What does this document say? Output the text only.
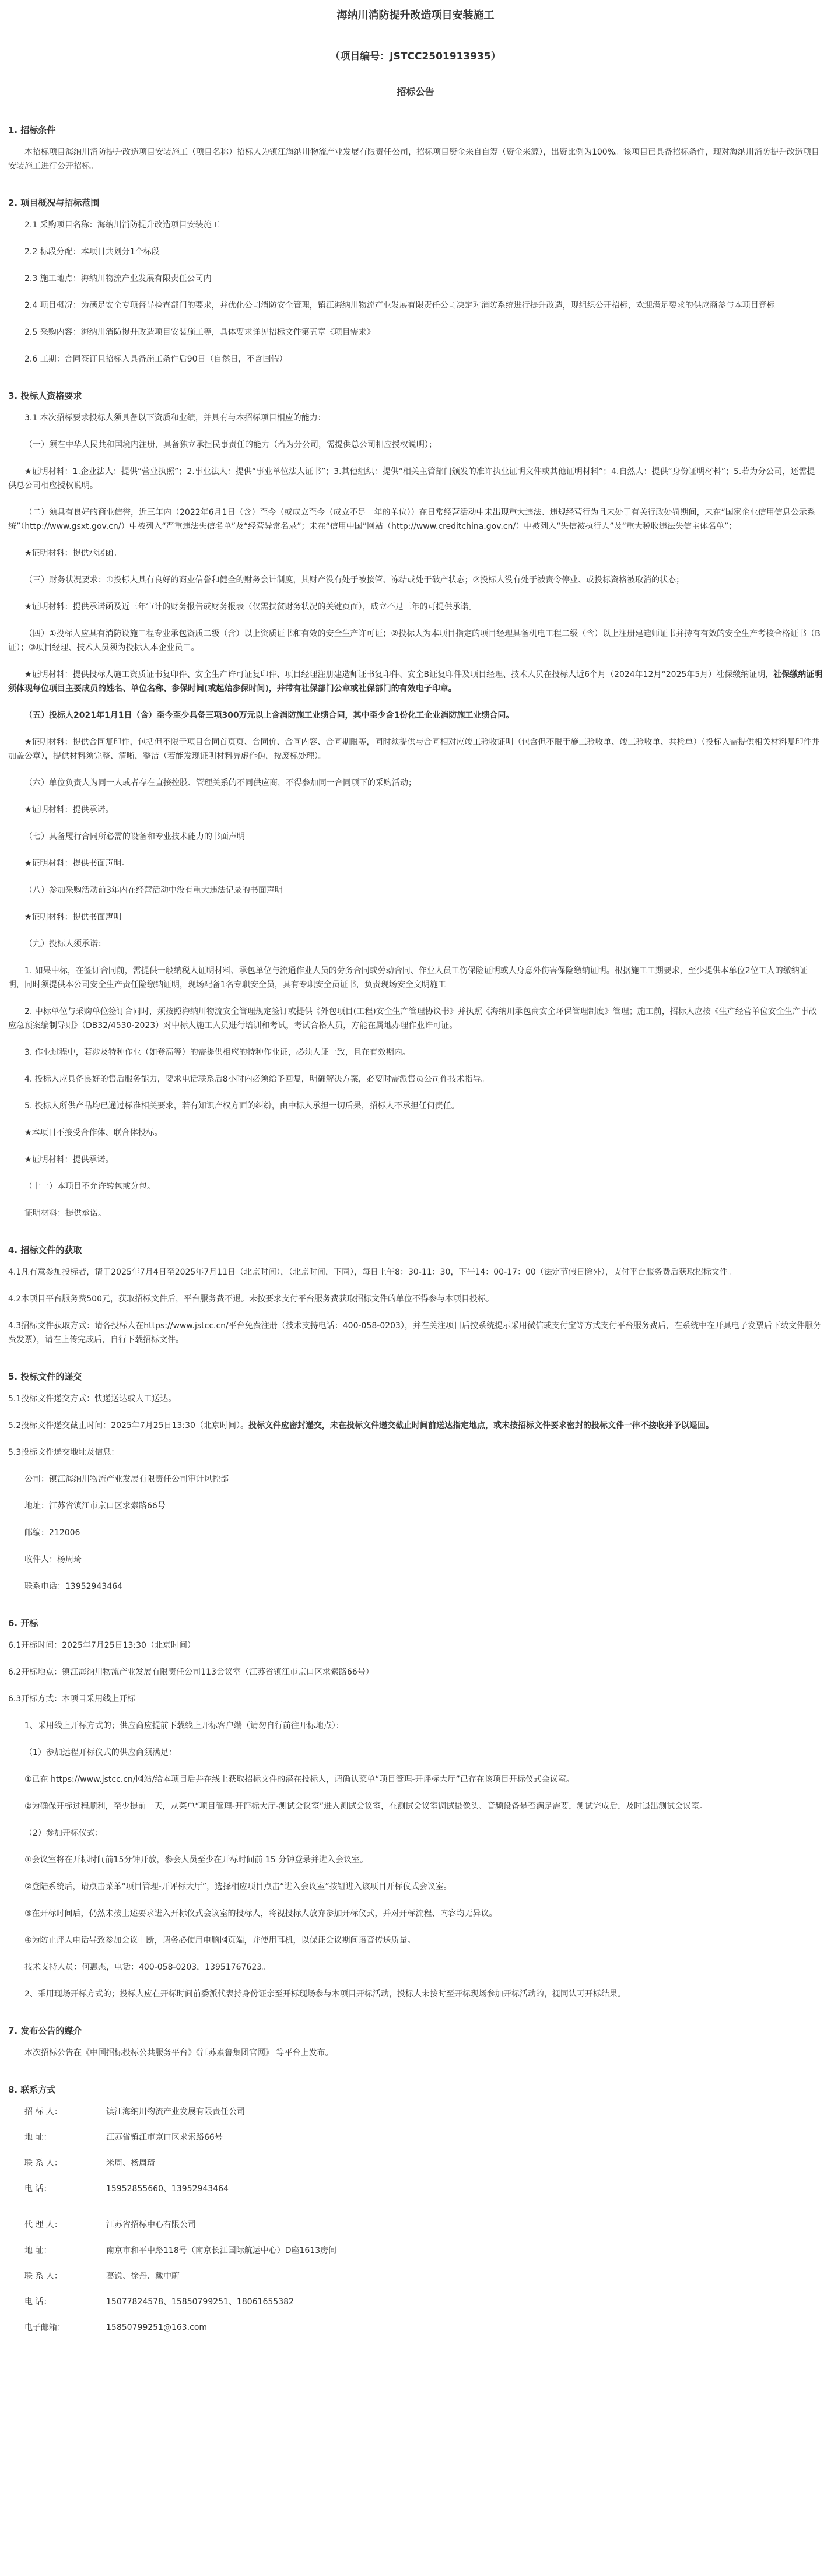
海纳川消防提升改造项目安装施工
（项目编号：JSTCC2501913935）
招标公告
1. 招标条件

本招标项目海纳川消防提升改造项目安装施工（项目名称）招标人为镇江海纳川物流产业发展有限责任公司，招标项目资金来自自筹（资金来源），出资比例为100%。该项目已具备招标条件，现对海纳川消防提升改造项目安装施工进行公开招标。

2. 项目概况与招标范围

2.1 采购项目名称：海纳川消防提升改造项目安装施工

2.2 标段分配：本项目共划分1个标段

2.3 施工地点：海纳川物流产业发展有限责任公司内

2.4 项目概况：为满足安全专项督导检查部门的要求，并优化公司消防安全管理，镇江海纳川物流产业发展有限责任公司决定对消防系统进行提升改造，现组织公开招标，欢迎满足要求的供应商参与本项目竞标

2.5 采购内容：海纳川消防提升改造项目安装施工等，具体要求详见招标文件第五章《项目需求》

2.6 工期：合同签订且招标人具备施工条件后90日（自然日，不含国假）

3. 投标人资格要求

3.1 本次招标要求投标人须具备以下资质和业绩，并具有与本招标项目相应的能力：

（一）须在中华人民共和国境内注册，具备独立承担民事责任的能力（若为分公司，需提供总公司相应授权说明）；

★证明材料：1.企业法人：提供“营业执照”；2.事业法人：提供“事业单位法人证书”；3.其他组织：提供“相关主管部门颁发的准许执业证明文件或其他证明材料”；4.自然人：提供“身份证明材料”；5.若为分公司，还需提供总公司相应授权说明。

（二）须具有良好的商业信誉，近三年内（2022年6月1日（含）至今（或成立至今（成立不足一年的单位））在日常经营活动中未出现重大违法、违规经营行为且未处于有关行政处罚期间，未在“国家企业信用信息公示系统”（http://www.gsxt.gov.cn/）中被列入“严重违法失信名单”及“经营异常名录”；未在“信用中国”网站（http://www.creditchina.gov.cn/）中被列入“失信被执行人”及“重大税收违法失信主体名单”；

★证明材料：提供承诺函。

（三）财务状况要求：①投标人具有良好的商业信誉和健全的财务会计制度，其财产没有处于被接管、冻结或处于破产状态；②投标人没有处于被责令停业、或投标资格被取消的状态；

★证明材料：提供承诺函及近三年审计的财务报告或财务报表（仅需扶贫财务状况的关键页面），成立不足三年的可提供承诺。

（四）①投标人应具有消防设施工程专业承包资质二级（含）以上资质证书和有效的安全生产许可证；②投标人为本项目指定的项目经理具备机电工程二级（含）以上注册建造师证书并持有有效的安全生产考核合格证书（B证）；③项目经理、技术人员须为投标人本企业员工。

★证明材料：提供投标人施工资质证书复印件、安全生产许可证复印件、项目经理注册建造师证书复印件、安全B证复印件及项目经理、技术人员在投标人近6个月（2024年12月“2025年5月）社保缴纳证明，社保缴纳证明须体现每位项目主要成员的姓名、单位名称、参保时间(或起始参保时间)，并带有社保部门公章或社保部门的有效电子印章。

（五）投标人2021年1月1日（含）至今至少具备三项300万元以上含消防施工业绩合同，其中至少含1份化工企业消防施工业绩合同。

★证明材料：提供合同复印件，包括但不限于项目合同首页页、合同价、合同内容、合同期限等，同时须提供与合同相对应竣工验收证明（包含但不限于施工验收单、竣工验收单、共检单）（投标人需提供相关材料复印件并加盖公章），提供材料须完整、清晰，整洁（若能发现证明材料异虚作伪，按废标处理）。

（六）单位负责人为同一人或者存在直接控股、管理关系的不同供应商，不得参加同一合同项下的采购活动；

★证明材料：提供承诺。

（七）具备履行合同所必需的设备和专业技术能力的书面声明

★证明材料：提供书面声明。

（八）参加采购活动前3年内在经营活动中没有重大违法记录的书面声明

★证明材料：提供书面声明。

（九）投标人须承诺：

1. 如果中标，在签订合同前，需提供一般纳税人证明材料、承包单位与流通作业人员的劳务合同或劳动合同、作业人员工伤保险证明或人身意外伤害保险缴纳证明。根据施工工期要求，至少提供本单位2位工人的缴纳证明，同时须提供本公司安全生产责任险缴纳证明，现场配备1名专职安全员，具有专职安全员证书，负责现场安全文明施工

2. 中标单位与采购单位签订合同时，须按照海纳川物流安全管理规定签订或提供《外包项目(工程)安全生产管理协议书》并执照《海纳川承包商安全环保管理制度》管理；施工前，招标人应按《生产经营单位安全生产事故应急预案编制导则》（DB32/4530-2023）对中标人施工人员进行培训和考试，考试合格人员，方能在属地办理作业许可证。

3. 作业过程中，若涉及特种作业（如登高等）的需提供相应的特种作业证，必须人证一致，且在有效期内。

4. 投标人应具备良好的售后服务能力，要求电话联系后8小时内必须给予回复，明确解决方案，必要时需派售员公司作技术指导。

5. 投标人所供产品均已通过标准相关要求，若有知识产权方面的纠纷，由中标人承担一切后果，招标人不承担任何责任。

★本项目不接受合作体、联合体投标。

★证明材料：提供承诺。

（十一）本项目不允许转包或分包。

证明材料：提供承诺。

4. 招标文件的获取

4.1凡有意参加投标者，请于2025年7月4日至2025年7月11日（北京时间），（北京时间，下同），每日上午8：30-11：30，下午14：00-17：00（法定节假日除外），支付平台服务费后获取招标文件。

4.2本项目平台服务费500元，获取招标文件后，平台服务费不退。未按要求支付平台服务费获取招标文件的单位不得参与本项目投标。

4.3招标文件获取方式：请各投标人在https://www.jstcc.cn/平台免费注册（技术支持电话：400-058-0203），并在关注项目后按系统提示采用微信或支付宝等方式支付平台服务费后，在系统中在开具电子发票后下载文件服务费发票），请在上传完成后，自行下载招标文件。

5. 投标文件的递交

5.1投标文件递交方式：快递送达或人工送达。

5.2投标文件递交截止时间：2025年7月25日13:30（北京时间）。投标文件应密封递交，未在投标文件递交截止时间前送达指定地点，或未按招标文件要求密封的投标文件一律不接收并予以退回。

5.3投标文件递交地址及信息：

公司：镇江海纳川物流产业发展有限责任公司审计风控部

地址：江苏省镇江市京口区求索路66号

邮编：212006

收件人：杨周琦

联系电话：13952943464

6. 开标

6.1开标时间：2025年7月25日13:30（北京时间）

6.2开标地点：镇江海纳川物流产业发展有限责任公司113会议室（江苏省镇江市京口区求索路66号）

6.3开标方式：本项目采用线上开标

1、采用线上开标方式的；供应商应提前下载线上开标客户端（请勿自行前往开标地点）：

（1）参加远程开标仪式的供应商须满足：

①已在 https://www.jstcc.cn/网站/给本项目后并在线上获取招标文件的潜在投标人，请确认菜单“项目管理-开评标大厅”已存在该项目开标仪式会议室。

②为确保开标过程顺利，至少提前一天，从菜单“项目管理-开评标大厅-测试会议室”进入测试会议室，在测试会议室调试摄像头、音频设备是否满足需要，测试完成后，及时退出测试会议室。

（2）参加开标仪式：

①会议室将在开标时间前15分钟开放，参会人员至少在开标时间前 15 分钟登录并进入会议室。

②登陆系统后，请点击菜单“项目管理-开评标大厅”，选择相应项目点击“进入会议室”按钮进入该项目开标仪式会议室。

③在开标时间后，仍然未按上述要求进入开标仪式会议室的投标人，将视投标人放弃参加开标仪式，并对开标流程、内容均无异议。

④为防止评人电话导致参加会议中断，请务必使用电脑网页端，并使用耳机，以保证会议期间语音传送质量。

技术支持人员：何惠杰，电话：400-058-0203，13951767623。

2、采用现场开标方式的；投标人应在开标时间前委派代表持身份证亲至开标现场参与本项目开标活动，投标人未按时至开标现场参加开标活动的，视同认可开标结果。

7. 发布公告的媒介

本次招标公告在《中国招标投标公共服务平台》《江苏素鲁集团官网》 等平台上发布。

8. 联系方式

招 标 人：	镇江海纳川物流产业发展有限责任公司

地 址：	江苏省镇江市京口区求索路66号

联 系 人：	米周、杨周琦

电 话：	15952855660、13952943464

代 理 人：	江苏省招标中心有限公司

地 址：	南京市和平中路118号（南京长江国际航运中心）D座1613房间

联 系 人：	葛锐、徐丹、戴中蔚

电 话：	15077824578、15850799251、18061655382

电子邮箱：	15850799251@163.com
